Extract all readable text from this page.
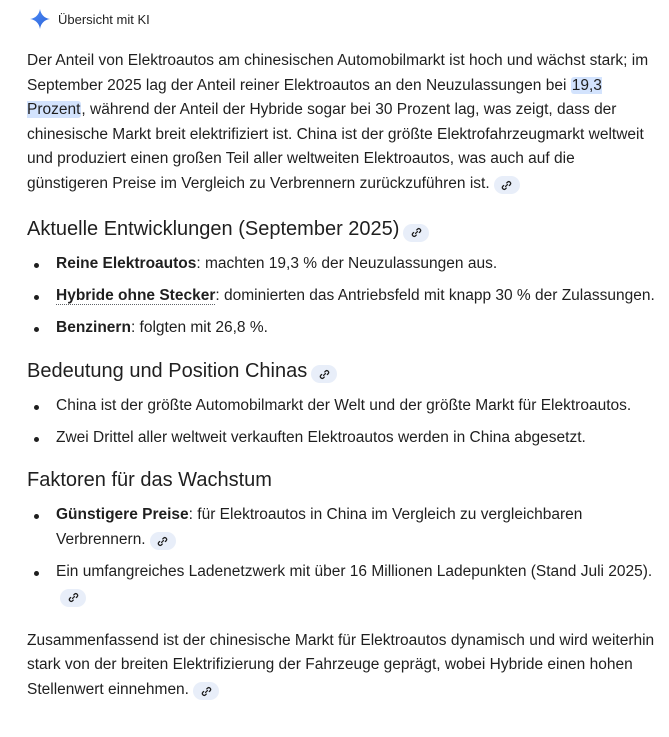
Übersicht mit KI

Der Anteil von Elektroautos am chinesischen Automobilmarkt ist hoch und wächst stark; im September 2025 lag der Anteil reiner Elektroautos an den Neuzulassungen bei 19,3 Prozent, während der Anteil der Hybride sogar bei 30 Prozent lag, was zeigt, dass der chinesische Markt breit elektrifiziert ist. China ist der größte Elektrofahrzeugmarkt weltweit und produziert einen großen Teil aller weltweiten Elektroautos, was auch auf die günstigeren Preise im Vergleich zu Verbrennern zurückzuführen ist.

Aktuelle Entwicklungen (September 2025)
Reine Elektroautos: machten 19,3 % der Neuzulassungen aus.
Hybride ohne Stecker: dominierten das Antriebsfeld mit knapp 30 % der Zulassungen.
Benzinern: folgten mit 26,8 %.
Bedeutung und Position Chinas
China ist der größte Automobilmarkt der Welt und der größte Markt für Elektroautos.
Zwei Drittel aller weltweit verkauften Elektroautos werden in China abgesetzt.
Faktoren für das Wachstum
Günstigere Preise: für Elektroautos in China im Vergleich zu vergleichbaren Verbrennern.
Ein umfangreiches Ladenetzwerk mit über 16 Millionen Ladepunkten (Stand Juli 2025).

Zusammenfassend ist der chinesische Markt für Elektroautos dynamisch und wird weiterhin stark von der breiten Elektrifizierung der Fahrzeuge geprägt, wobei Hybride einen hohen Stellenwert einnehmen.
